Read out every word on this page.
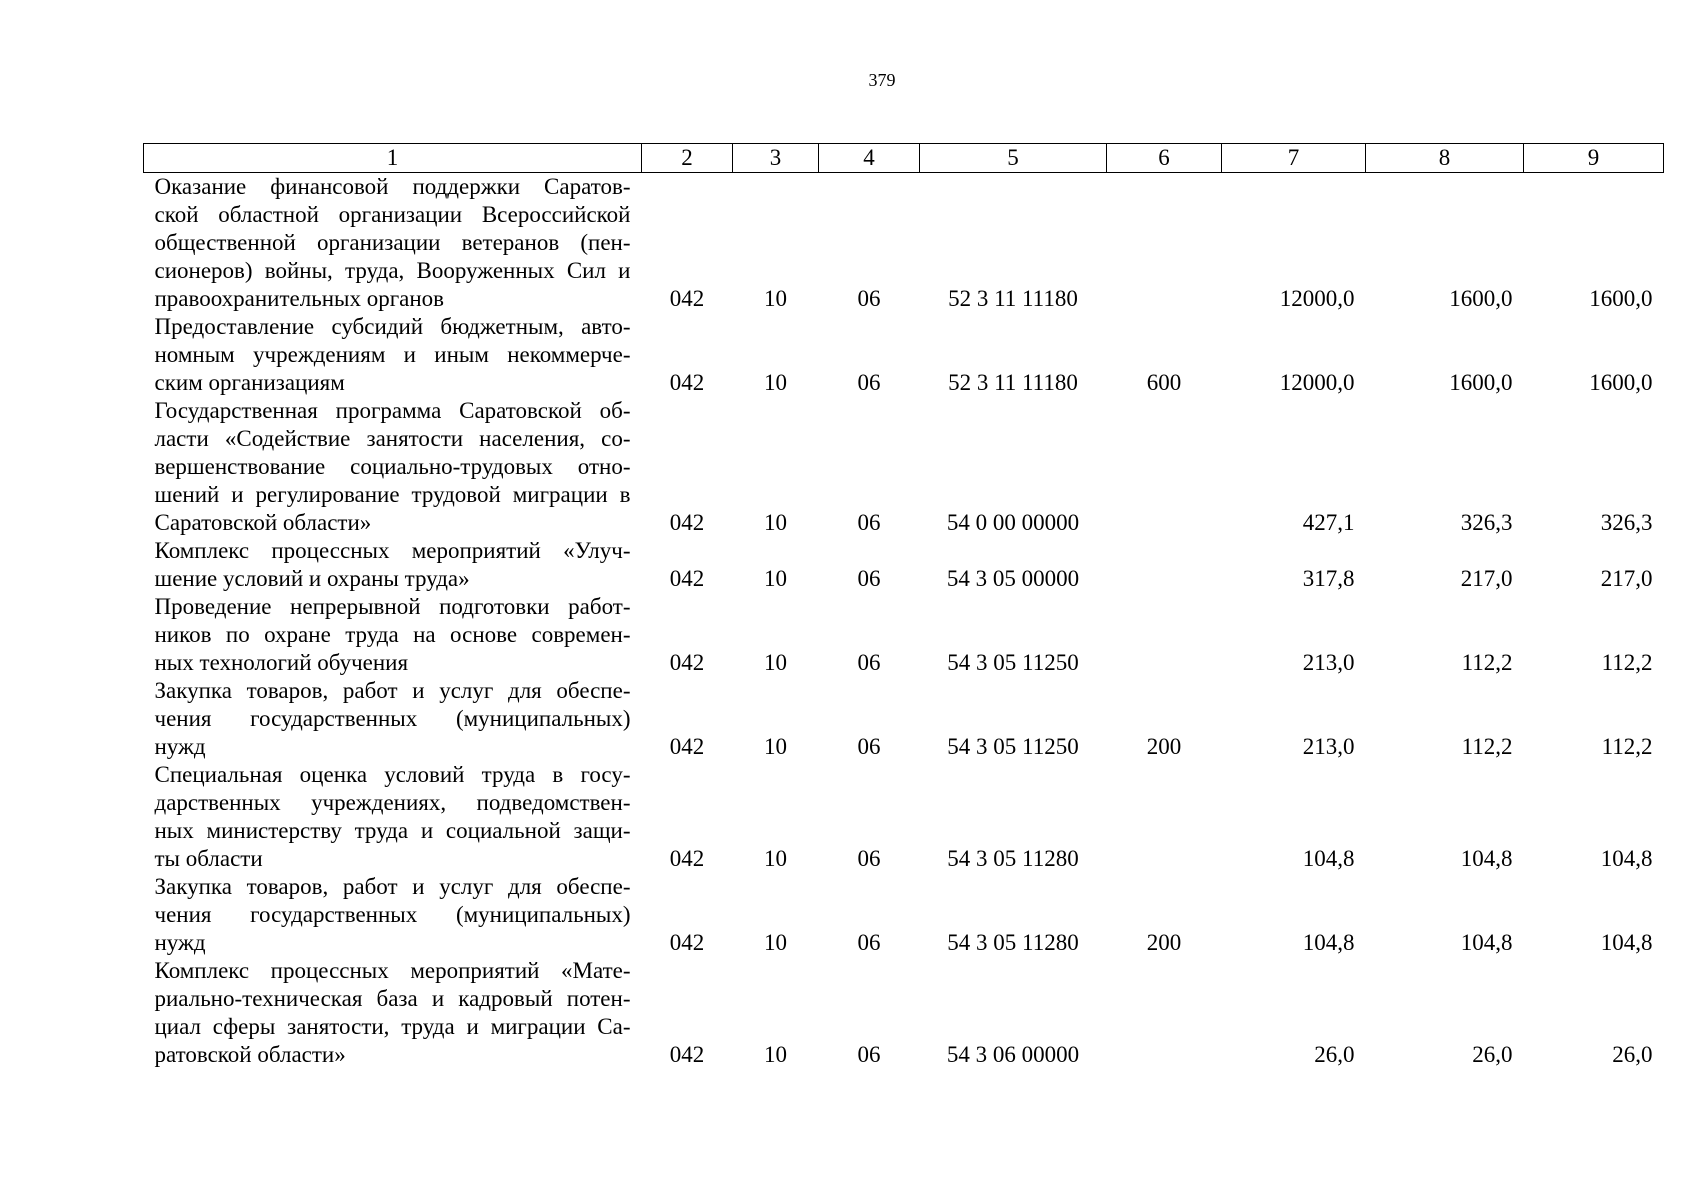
379
1	2	3	4	5	6	7	8	9

Оказание финансовой поддержки Саратов-
ской областной организации Всероссийской
общественной организации ветеранов (пен-
сионеров) войны, труда, Вооруженных Сил и
правоохранительных органов	042	10	06	52 3 11 11180		12000,0	1600,0	1600,0

Предоставление субсидий бюджетным, авто-
номным учреждениям и иным некоммерче-
ским организациям	042	10	06	52 3 11 11180	600	12000,0	1600,0	1600,0

Государственная программа Саратовской об-
ласти «Содействие занятости населения, со-
вершенствование социально-трудовых отно-
шений и регулирование трудовой миграции в
Саратовской области»	042	10	06	54 0 00 00000		427,1	326,3	326,3

Комплекс процессных мероприятий «Улуч-
шение условий и охраны труда»	042	10	06	54 3 05 00000		317,8	217,0	217,0

Проведение непрерывной подготовки работ-
ников по охране труда на основе современ-
ных технологий обучения	042	10	06	54 3 05 11250		213,0	112,2	112,2

Закупка товаров, работ и услуг для обеспе-
чения государственных (муниципальных)
нужд	042	10	06	54 3 05 11250	200	213,0	112,2	112,2

Специальная оценка условий труда в госу-
дарственных учреждениях, подведомствен-
ных министерству труда и социальной защи-
ты области	042	10	06	54 3 05 11280		104,8	104,8	104,8

Закупка товаров, работ и услуг для обеспе-
чения государственных (муниципальных)
нужд	042	10	06	54 3 05 11280	200	104,8	104,8	104,8

Комплекс процессных мероприятий «Мате-
риально-техническая база и кадровый потен-
циал сферы занятости, труда и миграции Са-
ратовской области»	042	10	06	54 3 06 00000		26,0	26,0	26,0
